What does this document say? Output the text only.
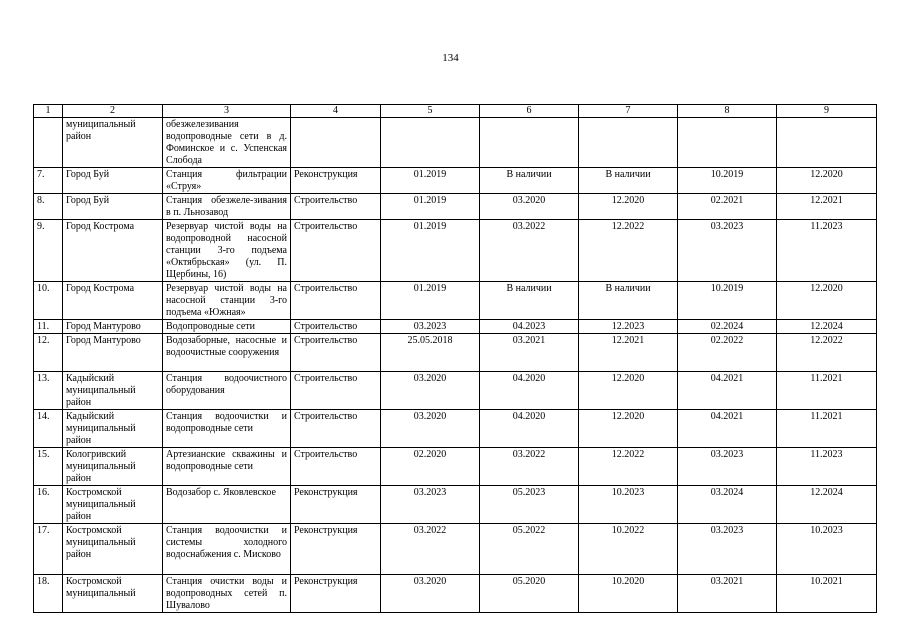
134
1	2	3	4	5	6	7	8	9
	муниципальный район	обезжелезивания водопроводные сети в д. Фоминское и с. Успенская Слобода						
7.	Город Буй	Станция фильтрации «Струя»	Реконструкция	01.2019	В наличии	В наличии	10.2019	12.2020
8.	Город Буй	Станция обезжеле-зивания в п. Льнозавод	Строительство	01.2019	03.2020	12.2020	02.2021	12.2021
9.	Город Кострома	Резервуар чистой воды на водопроводной насосной станции 3-го подъема «Октябрьская» (ул. П. Щербины, 16)	Строительство	01.2019	03.2022	12.2022	03.2023	11.2023
10.	Город Кострома	Резервуар чистой воды на насосной станции 3-го подъема «Южная»	Строительство	01.2019	В наличии	В наличии	10.2019	12.2020
11.	Город Мантурово	Водопроводные сети	Строительство	03.2023	04.2023	12.2023	02.2024	12.2024
12.	Город Мантурово	Водозаборные, насосные и водоочистные сооружения	Строительство	25.05.2018	03.2021	12.2021	02.2022	12.2022
13.	Кадыйский муниципальный район	Станция водоочистного оборудования	Строительство	03.2020	04.2020	12.2020	04.2021	11.2021
14.	Кадыйский муниципальный район	Станция водоочистки и водопроводные сети	Строительство	03.2020	04.2020	12.2020	04.2021	11.2021
15.	Кологривский муниципальный район	Артезианские скважины и водопроводные сети	Строительство	02.2020	03.2022	12.2022	03.2023	11.2023
16.	Костромской муниципальный район	Водозабор с. Яковлевское	Реконструкция	03.2023	05.2023	10.2023	03.2024	12.2024
17.	Костромской муниципальный район	Станция водоочистки и системы холодного водоснабжения с. Мисково	Реконструкция	03.2022	05.2022	10.2022	03.2023	10.2023
18.	Костромской муниципальный	Станция очистки воды и водопроводных сетей п. Шувалово	Реконструкция	03.2020	05.2020	10.2020	03.2021	10.2021
